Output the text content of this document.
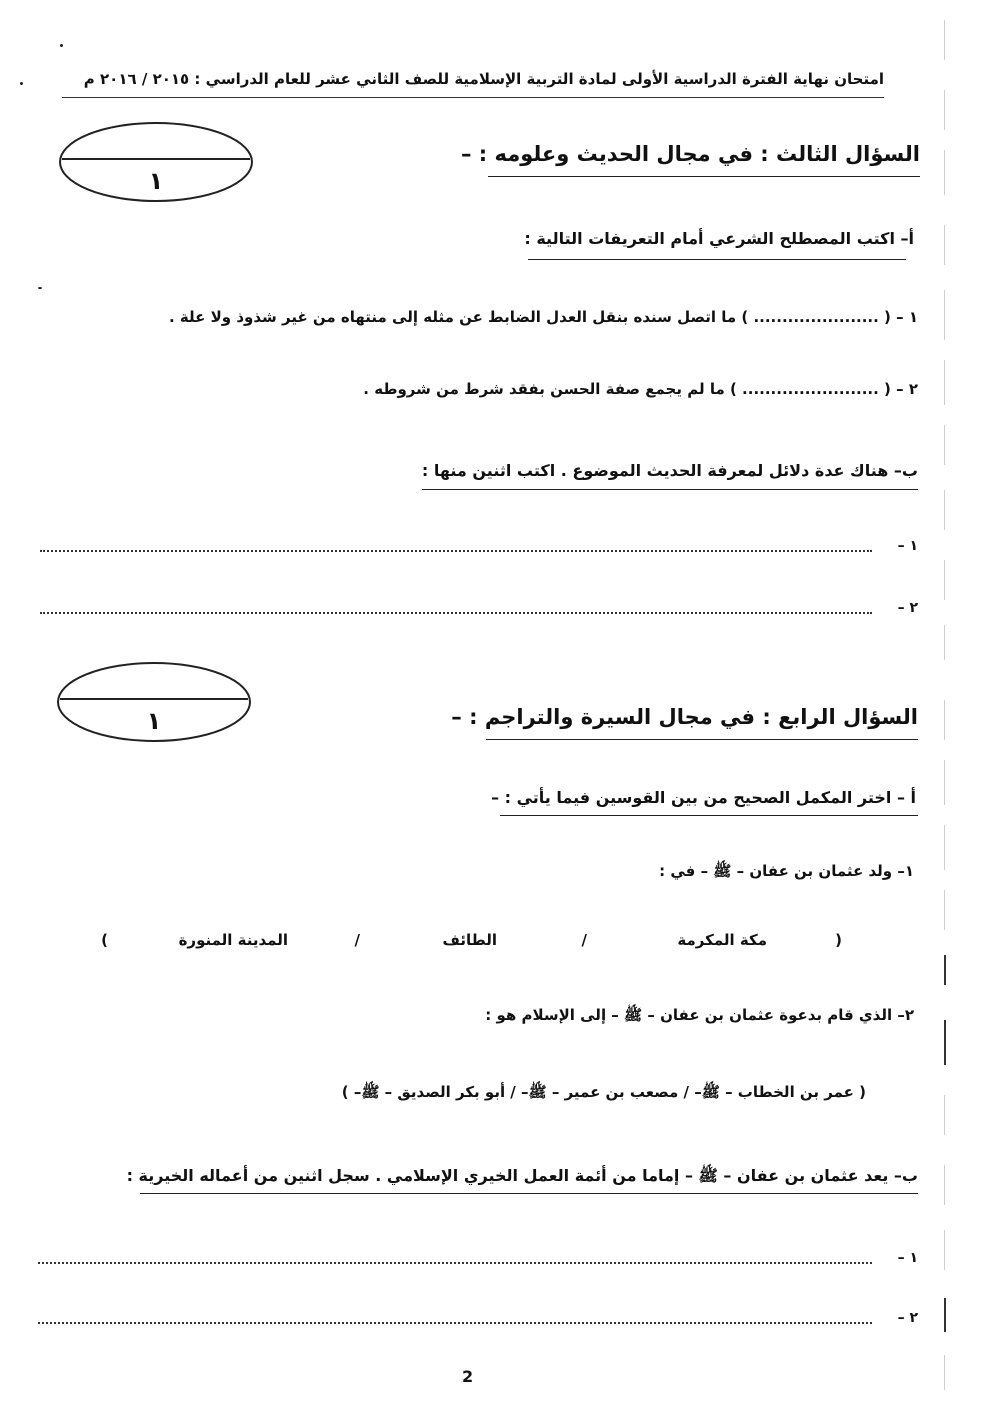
امتحان نهاية الفترة الدراسية الأولى لمادة التربية الإسلامية للصف الثاني عشر للعام الدراسي : ٢٠١٥ / ٢٠١٦ م
١
السؤال الثالث : في مجال الحديث وعلومه : –
أ– اكتب المصطلح الشرعي أمام التعريفات التالية :
١ – ( ...................... ) ما اتصل سنده بنقل العدل الضابط عن مثله إلى منتهاه من غير شذوذ ولا علة .
٢ – ( ........................ ) ما لم يجمع صفة الحسن بفقد شرط من شروطه .
ب– هناك عدة دلائل لمعرفة الحديث الموضوع . اكتب اثنين منها :
١ –
٢ –
١	السؤال الرابع : في مجال السيرة والتراجم : –
أ – اختر المكمل الصحيح من بين القوسين فيما يأتي : –
١– ولد عثمان بن عفان – ﷺ – في :
(
مكة المكرمة
/
الطائف
/
المدينة المنورة
)
٢– الذي قام بدعوة عثمان بن عفان – ﷺ – إلى الإسلام هو :
( عمر بن الخطاب – ﷺ– / مصعب بن عمير – ﷺ– / أبو بكر الصديق – ﷺ– )
ب– يعد عثمان بن عفان – ﷺ – إماما من أئمة العمل الخيري الإسلامي . سجل اثنين من أعماله الخيرية :
١ –
٢ –
2
